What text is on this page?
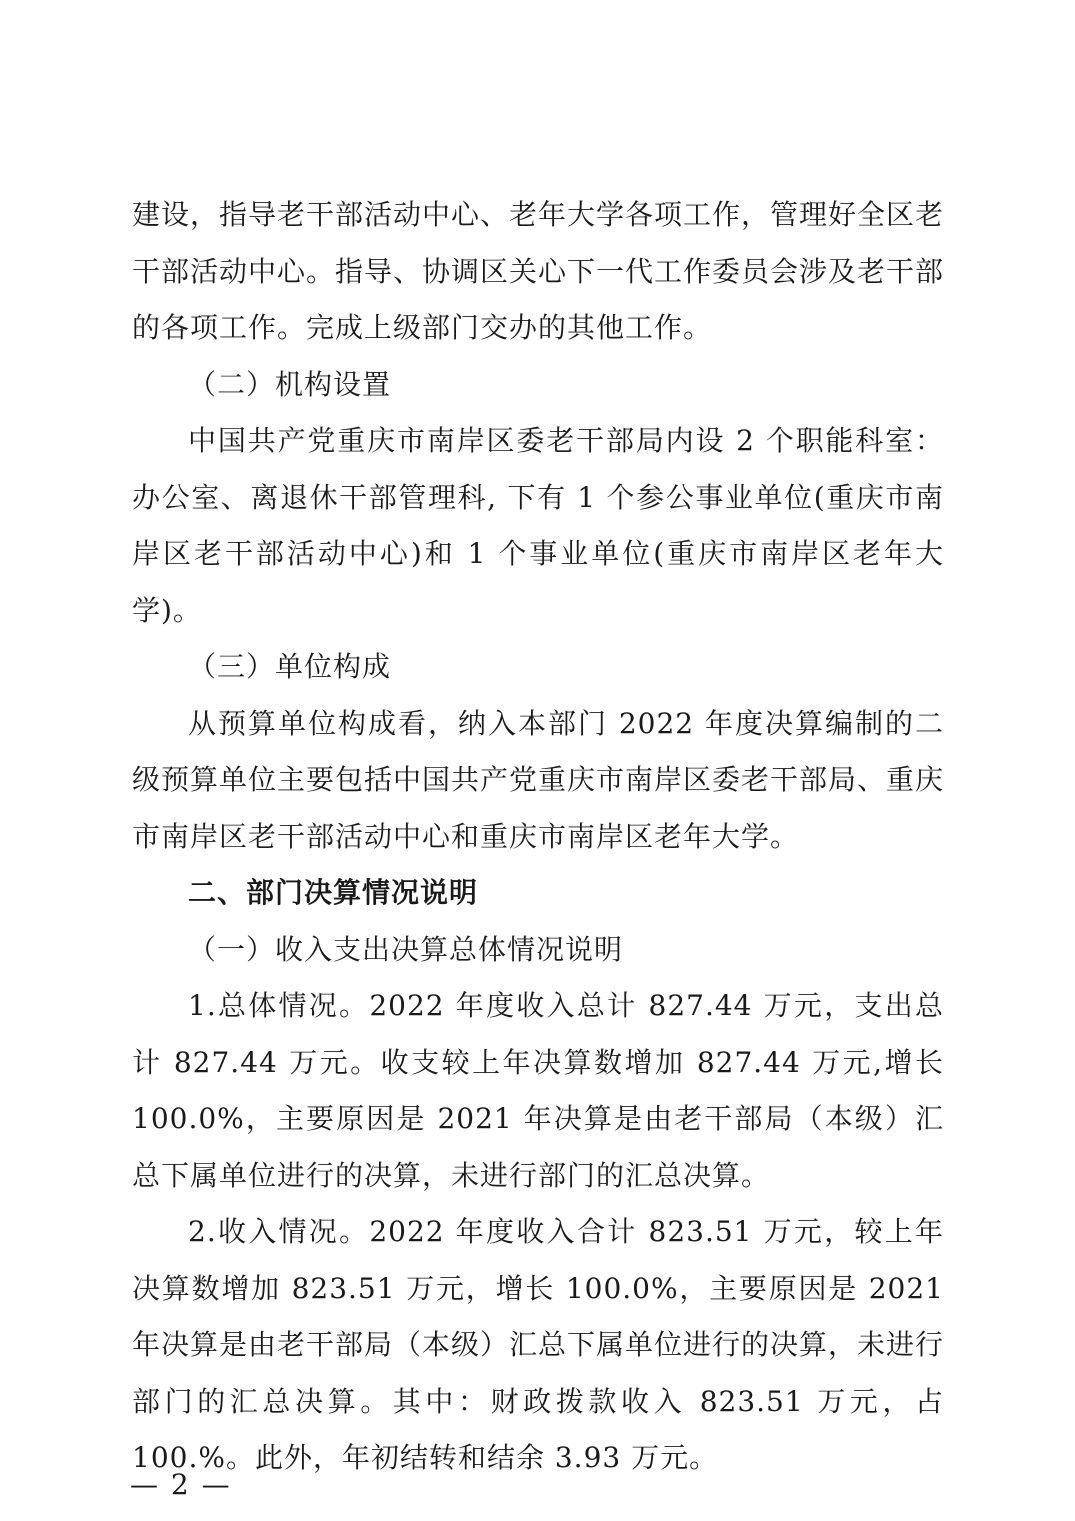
建设，指导老干部活动中心、老年大学各项工作，管理好全区老干部活动中心。指导、协调区关心下一代工作委员会涉及老干部的各项工作。完成上级部门交办的其他工作。

（二）机构设置

中国共产党重庆市南岸区委老干部局内设 2 个职能科室：办公室、离退休干部管理科, 下有 1 个参公事业单位(重庆市南岸区老干部活动中心)和 1 个事业单位(重庆市南岸区老年大学)。

（三）单位构成

从预算单位构成看，纳入本部门 2022 年度决算编制的二级预算单位主要包括中国共产党重庆市南岸区委老干部局、重庆市南岸区老干部活动中心和重庆市南岸区老年大学。

二、部门决算情况说明

（一）收入支出决算总体情况说明

1.总体情况。2022 年度收入总计 827.44 万元，支出总计 827.44 万元。收支较上年决算数增加 827.44 万元,增长 100.0%，主要原因是 2021 年决算是由老干部局（本级）汇总下属单位进行的决算，未进行部门的汇总决算。

2.收入情况。2022 年度收入合计 823.51 万元，较上年决算数增加 823.51 万元，增长 100.0%，主要原因是 2021 年决算是由老干部局（本级）汇总下属单位进行的决算，未进行部门的汇总决算。其中：财政拨款收入 823.51 万元，占 100.%。此外，年初结转和结余 3.93 万元。

— 2 —
